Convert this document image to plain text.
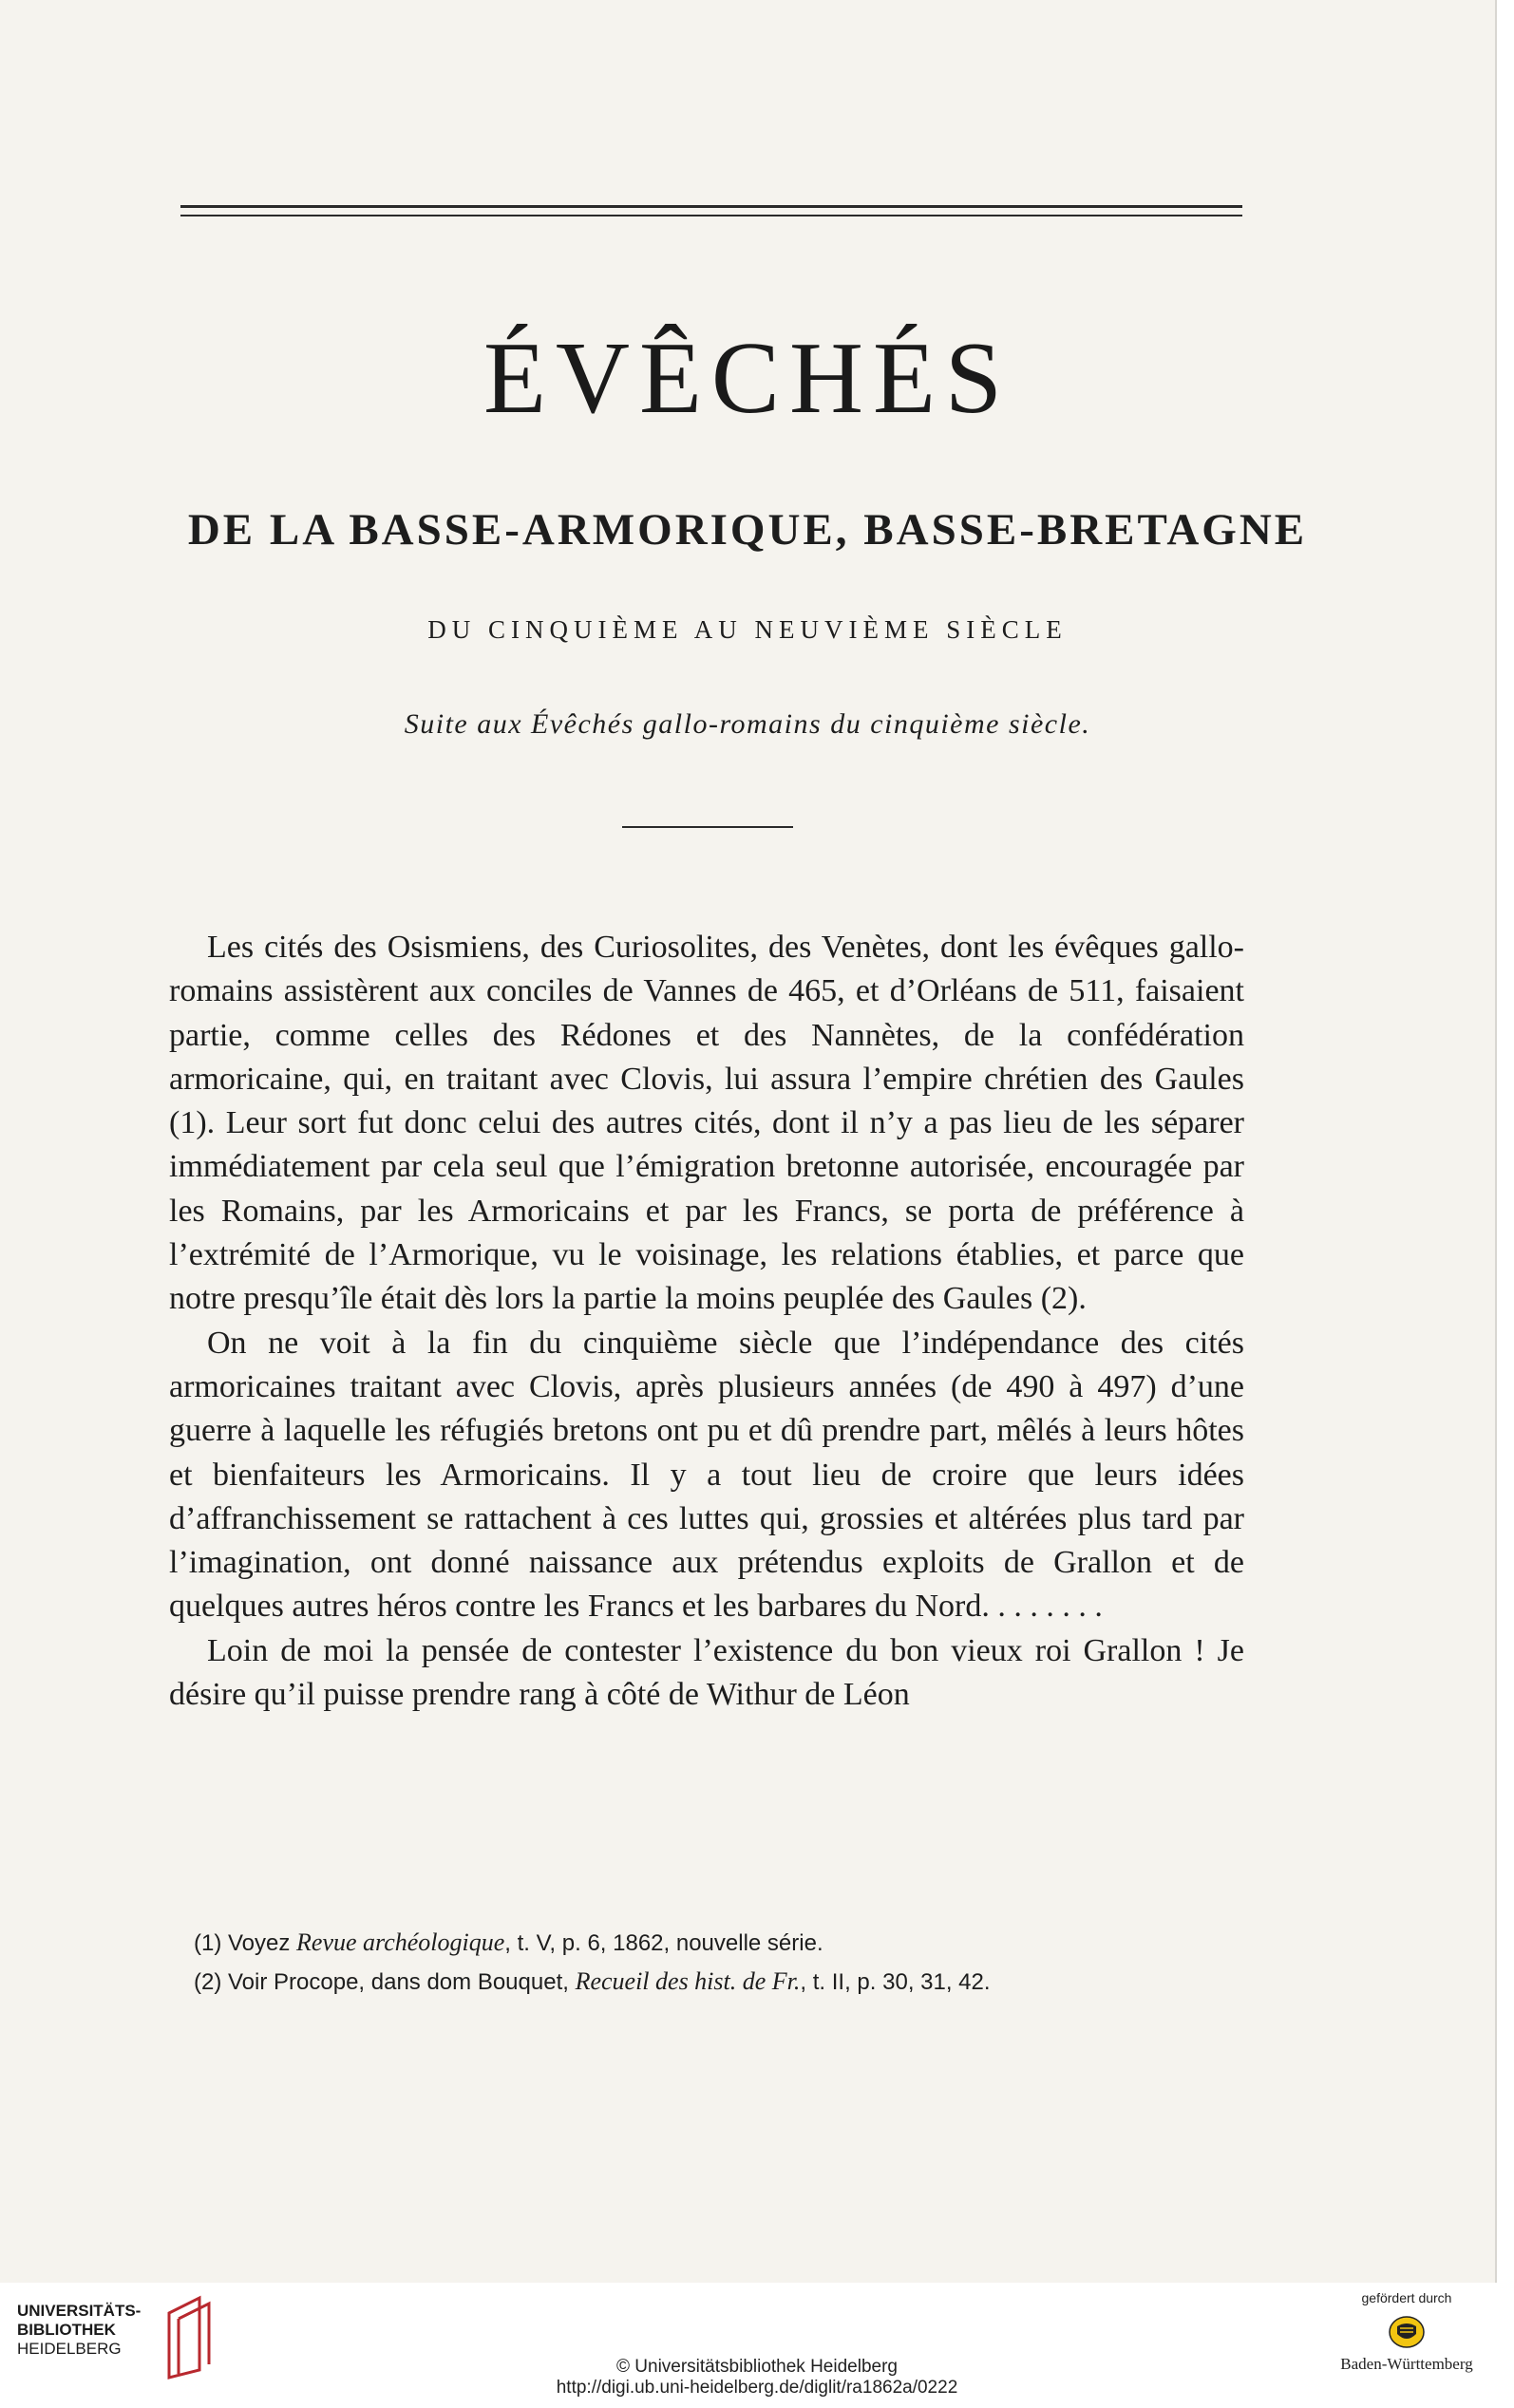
ÉVÊCHÉS
DE LA BASSE-ARMORIQUE, BASSE-BRETAGNE
DU CINQUIÈME AU NEUVIÈME SIÈCLE
Suite aux Évêchés gallo-romains du cinquième siècle.

Les cités des Osismiens, des Curiosolites, des Venètes, dont les évêques gallo-romains assistèrent aux conciles de Vannes de 465, et d’Orléans de 511, faisaient partie, comme celles des Rédones et des Nannètes, de la confédération armoricaine, qui, en traitant avec Clovis, lui assura l’empire chrétien des Gaules (1). Leur sort fut donc celui des autres cités, dont il n’y a pas lieu de les séparer immédiatement par cela seul que l’émigration bretonne autorisée, encouragée par les Romains, par les Armoricains et par les Francs, se porta de préférence à l’extrémité de l’Armorique, vu le voisinage, les relations établies, et parce que notre presqu’île était dès lors la partie la moins peuplée des Gaules (2).

On ne voit à la fin du cinquième siècle que l’indépendance des cités armoricaines traitant avec Clovis, après plusieurs années (de 490 à 497) d’une guerre à laquelle les réfugiés bretons ont pu et dû prendre part, mêlés à leurs hôtes et bienfaiteurs les Armoricains. Il y a tout lieu de croire que leurs idées d’affranchissement se rattachent à ces luttes qui, grossies et altérées plus tard par l’imagination, ont donné naissance aux prétendus exploits de Grallon et de quelques autres héros contre les Francs et les barbares du Nord. . . . . . . .

Loin de moi la pensée de contester l’existence du bon vieux roi Grallon ! Je désire qu’il puisse prendre rang à côté de Withur de Léon

(1) Voyez Revue archéologique, t. V, p. 6, 1862, nouvelle série.
(2) Voir Procope, dans dom Bouquet, Recueil des hist. de Fr., t. II, p. 30, 31, 42.
UNIVERSITÄTS-
BIBLIOTHEK
HEIDELBERG
© Universitätsbibliothek Heidelberg
http://digi.ub.uni-heidelberg.de/diglit/ra1862a/0222
gefördert durch
Baden-Württemberg
